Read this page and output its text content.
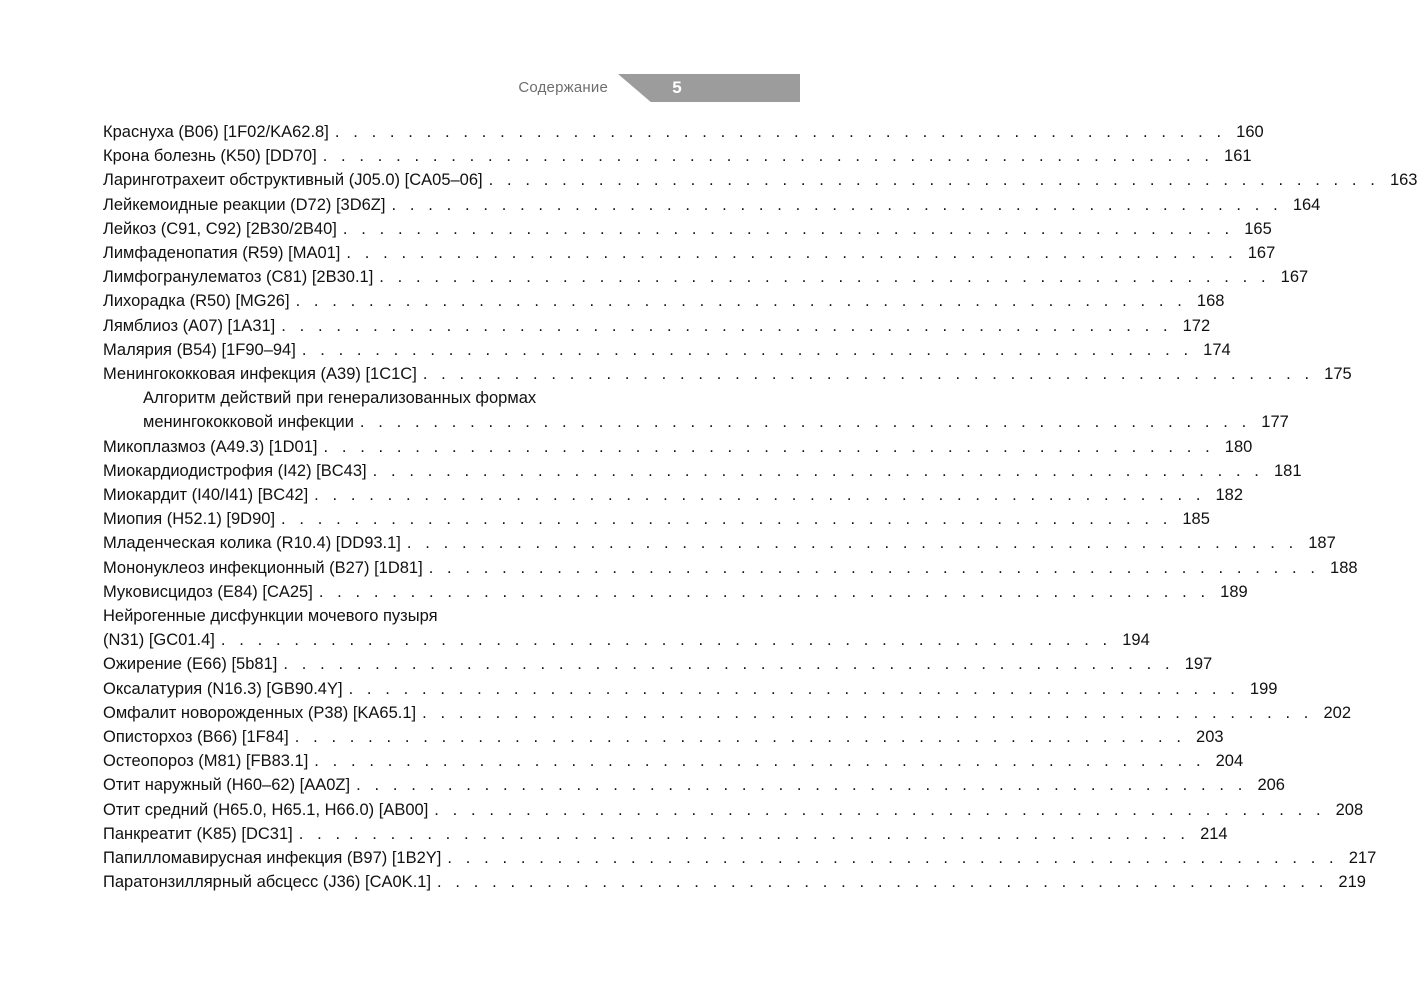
Содержание	5
Краснуха (B06) [1F02/KA62.8] . . . . . . . . . . . . . . . . . . . . . . . . . . . . . . . . . . . . . . . . . . . . . . . . . 160
Крона болезнь (K50) [DD70] . . . . . . . . . . . . . . . . . . . . . . . . . . . . . . . . . . . . . . . . . . . . . . . . . 161
Ларинготрахеит обструктивный (J05.0) [CA05–06] . . . . . . . . . . . . . . . . . . . . . . . . . . . . . . . . . . . . . . . . . . . . . . . . . 163
Лейкемоидные реакции (D72) [3D6Z] . . . . . . . . . . . . . . . . . . . . . . . . . . . . . . . . . . . . . . . . . . . . . . . . . 164
Лейкоз (C91, C92) [2B30/2B40] . . . . . . . . . . . . . . . . . . . . . . . . . . . . . . . . . . . . . . . . . . . . . . . . . 165
Лимфаденопатия (R59) [MA01] . . . . . . . . . . . . . . . . . . . . . . . . . . . . . . . . . . . . . . . . . . . . . . . . . 167
Лимфогранулематоз (C81) [2B30.1] . . . . . . . . . . . . . . . . . . . . . . . . . . . . . . . . . . . . . . . . . . . . . . . . . 167
Лихорадка (R50) [MG26] . . . . . . . . . . . . . . . . . . . . . . . . . . . . . . . . . . . . . . . . . . . . . . . . . 168
Лямблиоз (A07) [1A31] . . . . . . . . . . . . . . . . . . . . . . . . . . . . . . . . . . . . . . . . . . . . . . . . . 172
Малярия (B54) [1F90–94] . . . . . . . . . . . . . . . . . . . . . . . . . . . . . . . . . . . . . . . . . . . . . . . . . 174
Менингококковая инфекция (A39) [1C1C] . . . . . . . . . . . . . . . . . . . . . . . . . . . . . . . . . . . . . . . . . . . . . . . . . 175
Алгоритм действий при генерализованных формах
менингококковой инфекции . . . . . . . . . . . . . . . . . . . . . . . . . . . . . . . . . . . . . . . . . . . . . . . . . 177
Микоплазмоз (A49.3) [1D01] . . . . . . . . . . . . . . . . . . . . . . . . . . . . . . . . . . . . . . . . . . . . . . . . . 180
Миокардиодистрофия (I42) [BC43] . . . . . . . . . . . . . . . . . . . . . . . . . . . . . . . . . . . . . . . . . . . . . . . . . 181
Миокардит (I40/I41) [BC42] . . . . . . . . . . . . . . . . . . . . . . . . . . . . . . . . . . . . . . . . . . . . . . . . . 182
Миопия (H52.1) [9D90] . . . . . . . . . . . . . . . . . . . . . . . . . . . . . . . . . . . . . . . . . . . . . . . . . 185
Младенческая колика (R10.4) [DD93.1] . . . . . . . . . . . . . . . . . . . . . . . . . . . . . . . . . . . . . . . . . . . . . . . . . 187
Мононуклеоз инфекционный (B27) [1D81] . . . . . . . . . . . . . . . . . . . . . . . . . . . . . . . . . . . . . . . . . . . . . . . . . 188
Муковисцидоз (E84) [CA25] . . . . . . . . . . . . . . . . . . . . . . . . . . . . . . . . . . . . . . . . . . . . . . . . . 189
Нейрогенные дисфункции мочевого пузыря
(N31) [GC01.4] . . . . . . . . . . . . . . . . . . . . . . . . . . . . . . . . . . . . . . . . . . . . . . . . . 194
Ожирение (E66) [5b81] . . . . . . . . . . . . . . . . . . . . . . . . . . . . . . . . . . . . . . . . . . . . . . . . . 197
Оксалатурия (N16.3) [GB90.4Y] . . . . . . . . . . . . . . . . . . . . . . . . . . . . . . . . . . . . . . . . . . . . . . . . . 199
Омфалит новорожденных (P38) [KA65.1] . . . . . . . . . . . . . . . . . . . . . . . . . . . . . . . . . . . . . . . . . . . . . . . . . 202
Описторхоз (B66) [1F84] . . . . . . . . . . . . . . . . . . . . . . . . . . . . . . . . . . . . . . . . . . . . . . . . . 203
Остеопороз (M81) [FB83.1] . . . . . . . . . . . . . . . . . . . . . . . . . . . . . . . . . . . . . . . . . . . . . . . . . 204
Отит наружный (H60–62) [AA0Z] . . . . . . . . . . . . . . . . . . . . . . . . . . . . . . . . . . . . . . . . . . . . . . . . . 206
Отит средний (H65.0, H65.1, H66.0) [AB00] . . . . . . . . . . . . . . . . . . . . . . . . . . . . . . . . . . . . . . . . . . . . . . . . . 208
Панкреатит (K85) [DC31] . . . . . . . . . . . . . . . . . . . . . . . . . . . . . . . . . . . . . . . . . . . . . . . . . 214
Папилломавирусная инфекция (B97) [1B2Y] . . . . . . . . . . . . . . . . . . . . . . . . . . . . . . . . . . . . . . . . . . . . . . . . . 217
Паратонзиллярный абсцесс (J36) [CA0K.1] . . . . . . . . . . . . . . . . . . . . . . . . . . . . . . . . . . . . . . . . . . . . . . . . . 219
